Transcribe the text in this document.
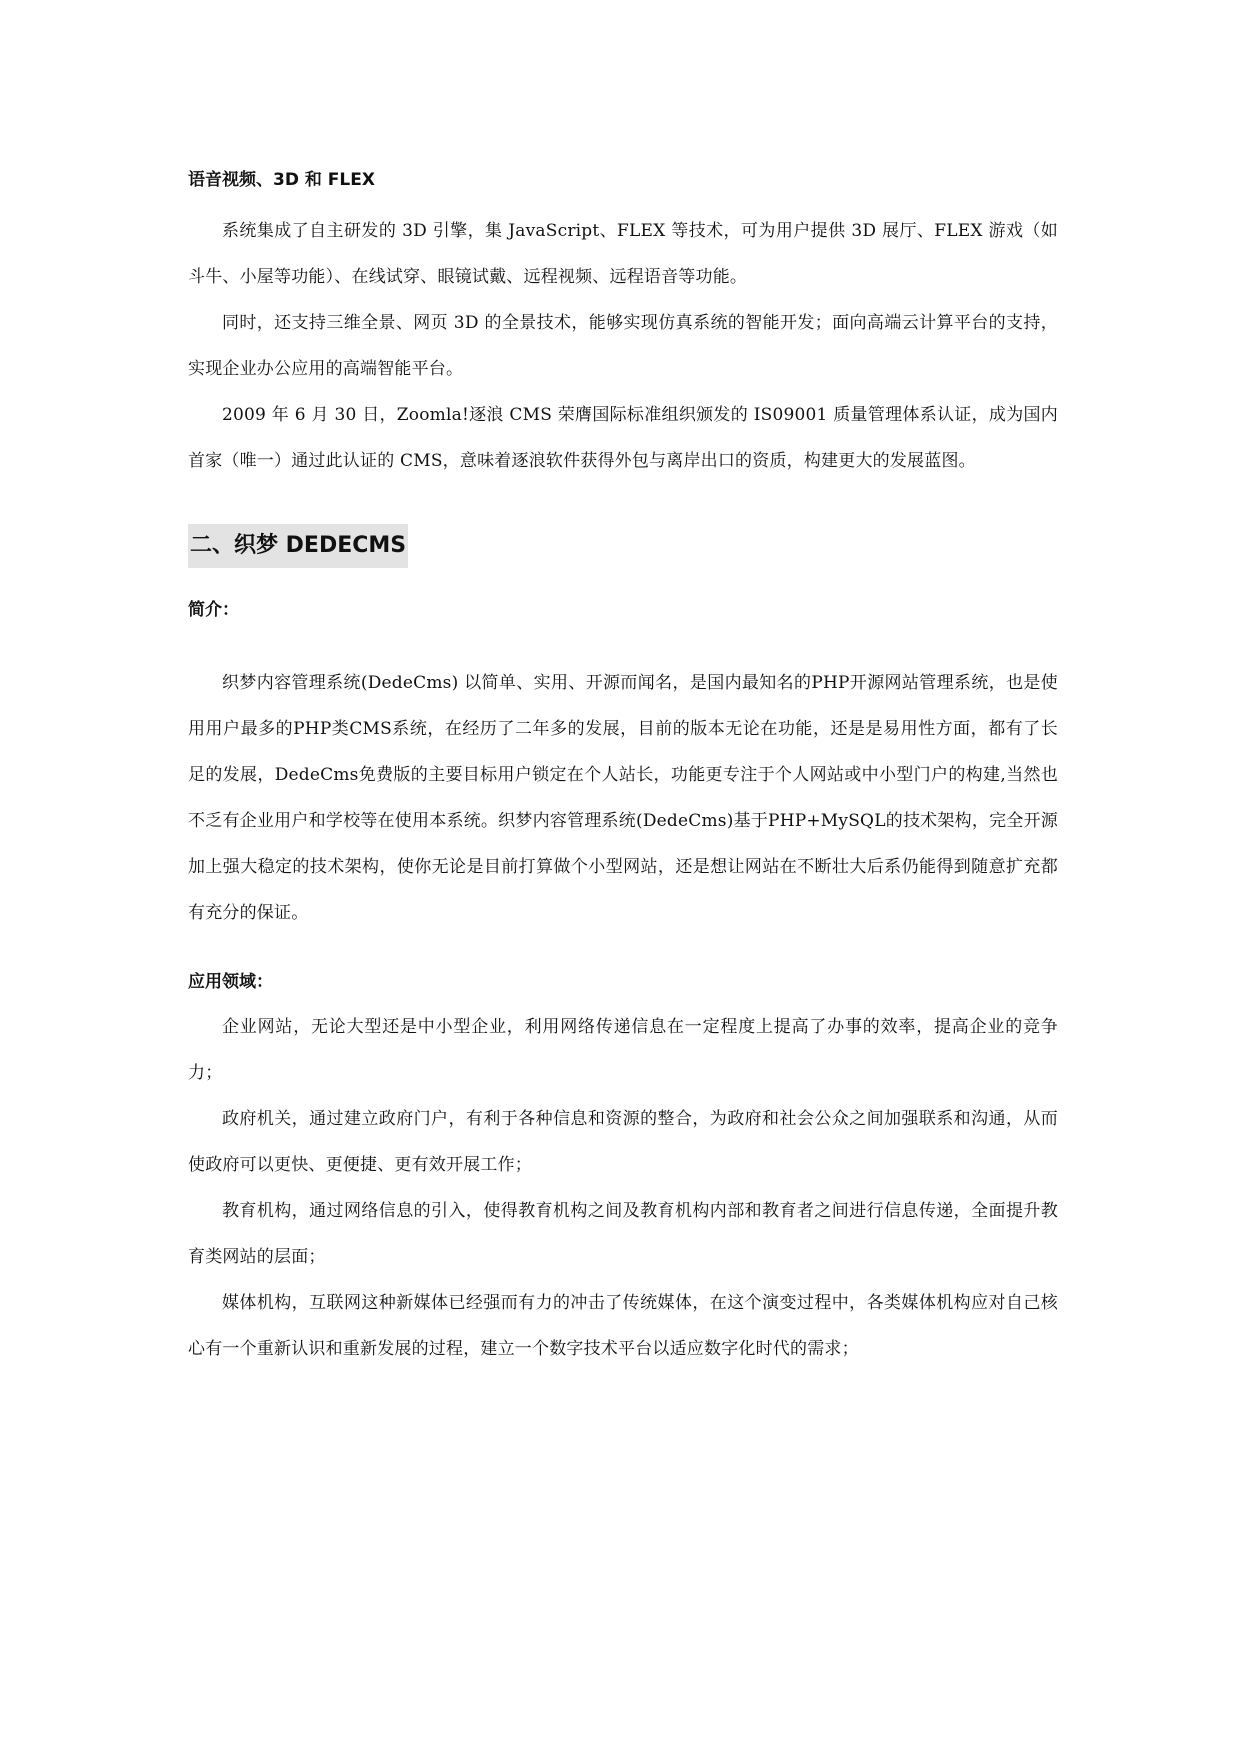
语音视频、3D 和 FLEX

系统集成了自主研发的 3D 引擎，集 JavaScript、FLEX 等技术，可为用户提供 3D 展厅、FLEX 游戏（如斗牛、小屋等功能）、在线试穿、眼镜试戴、远程视频、远程语音等功能。

同时，还支持三维全景、网页 3D 的全景技术，能够实现仿真系统的智能开发；面向高端云计算平台的支持，实现企业办公应用的高端智能平台。

2009 年 6 月 30 日，Zoomla!逐浪 CMS 荣膺国际标准组织颁发的 IS09001 质量管理体系认证，成为国内首家（唯一）通过此认证的 CMS，意味着逐浪软件获得外包与离岸出口的资质，构建更大的发展蓝图。

二、织梦 DEDECMS
简介：

织梦内容管理系统(DedeCms) 以简单、实用、开源而闻名，是国内最知名的PHP开源网站管理系统，也是使用用户最多的PHP类CMS系统，在经历了二年多的发展，目前的版本无论在功能，还是是易用性方面，都有了长足的发展，DedeCms免费版的主要目标用户锁定在个人站长，功能更专注于个人网站或中小型门户的构建,当然也不乏有企业用户和学校等在使用本系统。织梦内容管理系统(DedeCms)基于PHP+MySQL的技术架构，完全开源加上强大稳定的技术架构，使你无论是目前打算做个小型网站，还是想让网站在不断壮大后系仍能得到随意扩充都有充分的保证。

应用领域：

企业网站，无论大型还是中小型企业，利用网络传递信息在一定程度上提高了办事的效率，提高企业的竞争力；

政府机关，通过建立政府门户，有利于各种信息和资源的整合，为政府和社会公众之间加强联系和沟通，从而使政府可以更快、更便捷、更有效开展工作；

教育机构，通过网络信息的引入，使得教育机构之间及教育机构内部和教育者之间进行信息传递，全面提升教育类网站的层面；

媒体机构，互联网这种新媒体已经强而有力的冲击了传统媒体，在这个演变过程中，各类媒体机构应对自己核心有一个重新认识和重新发展的过程，建立一个数字技术平台以适应数字化时代的需求；
